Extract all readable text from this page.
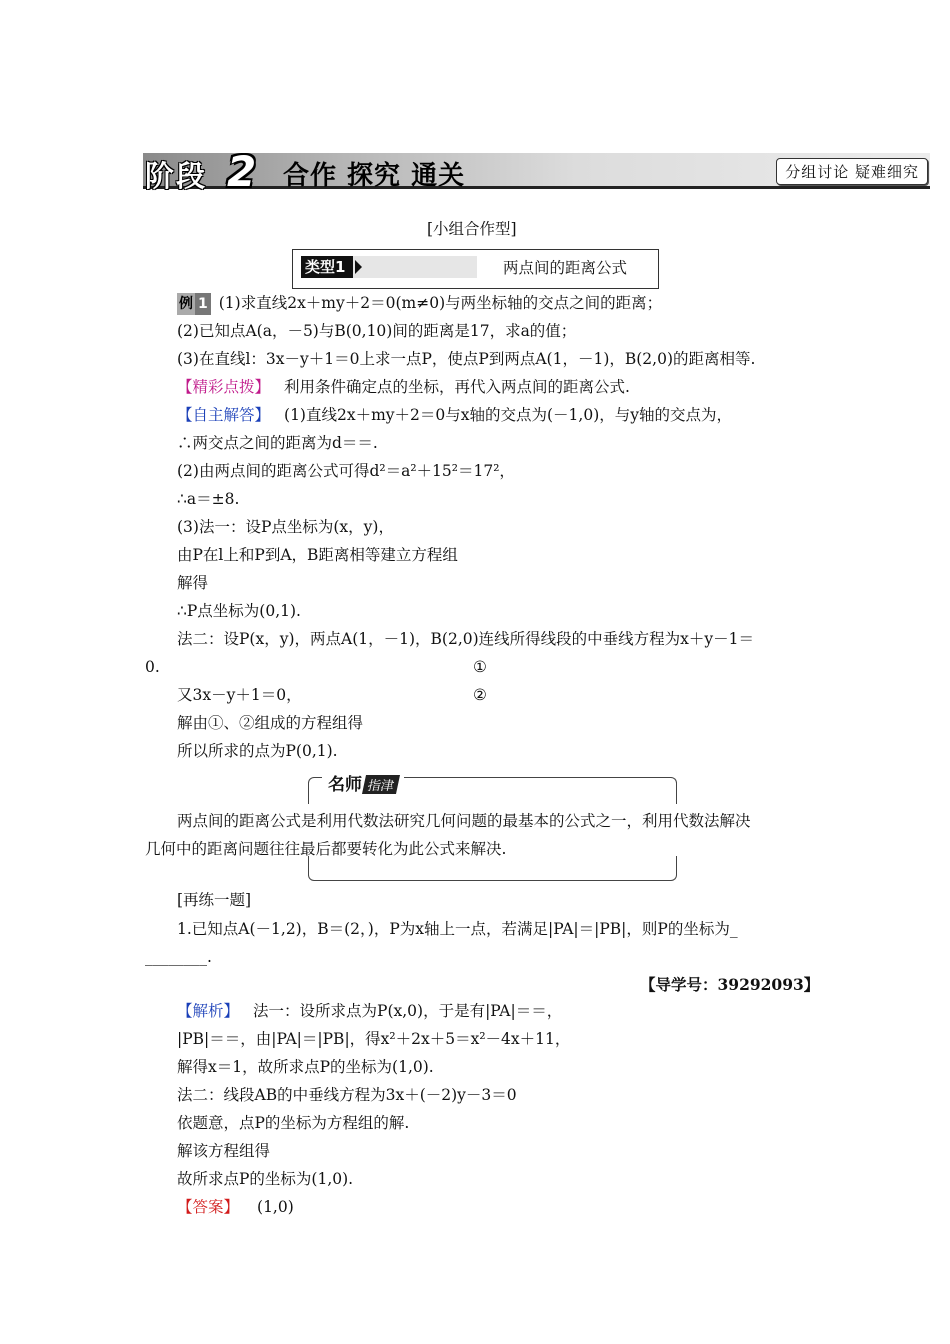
阶段 2 合作 探究 通关	分组讨论 疑难细究
[小组合作型]
类型1	两点间的距离公式
例 1 (1)求直线2x＋my＋2＝0(m≠0)与两坐标轴的交点之间的距离；
(2)已知点A(a，－5)与B(0,10)间的距离是17，求a的值；
(3)在直线l：3x－y＋1＝0上求一点P，使点P到两点A(1，－1)，B(2,0)的距离相等.
【精彩点拨】 利用条件确定点的坐标，再代入两点间的距离公式.
【自主解答】 (1)直线2x＋my＋2＝0与x轴的交点为(－1,0)，与y轴的交点为，
∴两交点之间的距离为d＝＝.
(2)由两点间的距离公式可得d²＝a²＋15²＝17²，
∴a＝±8.
(3)法一：设P点坐标为(x，y)，
由P在l上和P到A，B距离相等建立方程组
解得
∴P点坐标为(0,1).
法二：设P(x，y)，两点A(1，－1)，B(2,0)连线所得线段的中垂线方程为x＋y－1＝
0.	①
又3x－y＋1＝0，	②
解由①、②组成的方程组得
所以所求的点为P(0,1).
名师 指津
两点间的距离公式是利用代数法研究几何问题的最基本的公式之一，利用代数法解决
几何中的距离问题往往最后都要转化为此公式来解决.
[再练一题]
1.已知点A(－1,2)，B＝(2，)，P为x轴上一点，若满足|PA|＝|PB|，则P的坐标为_
________.
【导学号：39292093】
【解析】 法一：设所求点为P(x,0)，于是有|PA|＝＝，
|PB|＝＝，由|PA|＝|PB|，得x²＋2x＋5＝x²－4x＋11，
解得x＝1，故所求点P的坐标为(1,0).
法二：线段AB的中垂线方程为3x＋(－2)y－3＝0
依题意，点P的坐标为方程组的解.
解该方程组得
故所求点P的坐标为(1,0).
【答案】 (1,0)
